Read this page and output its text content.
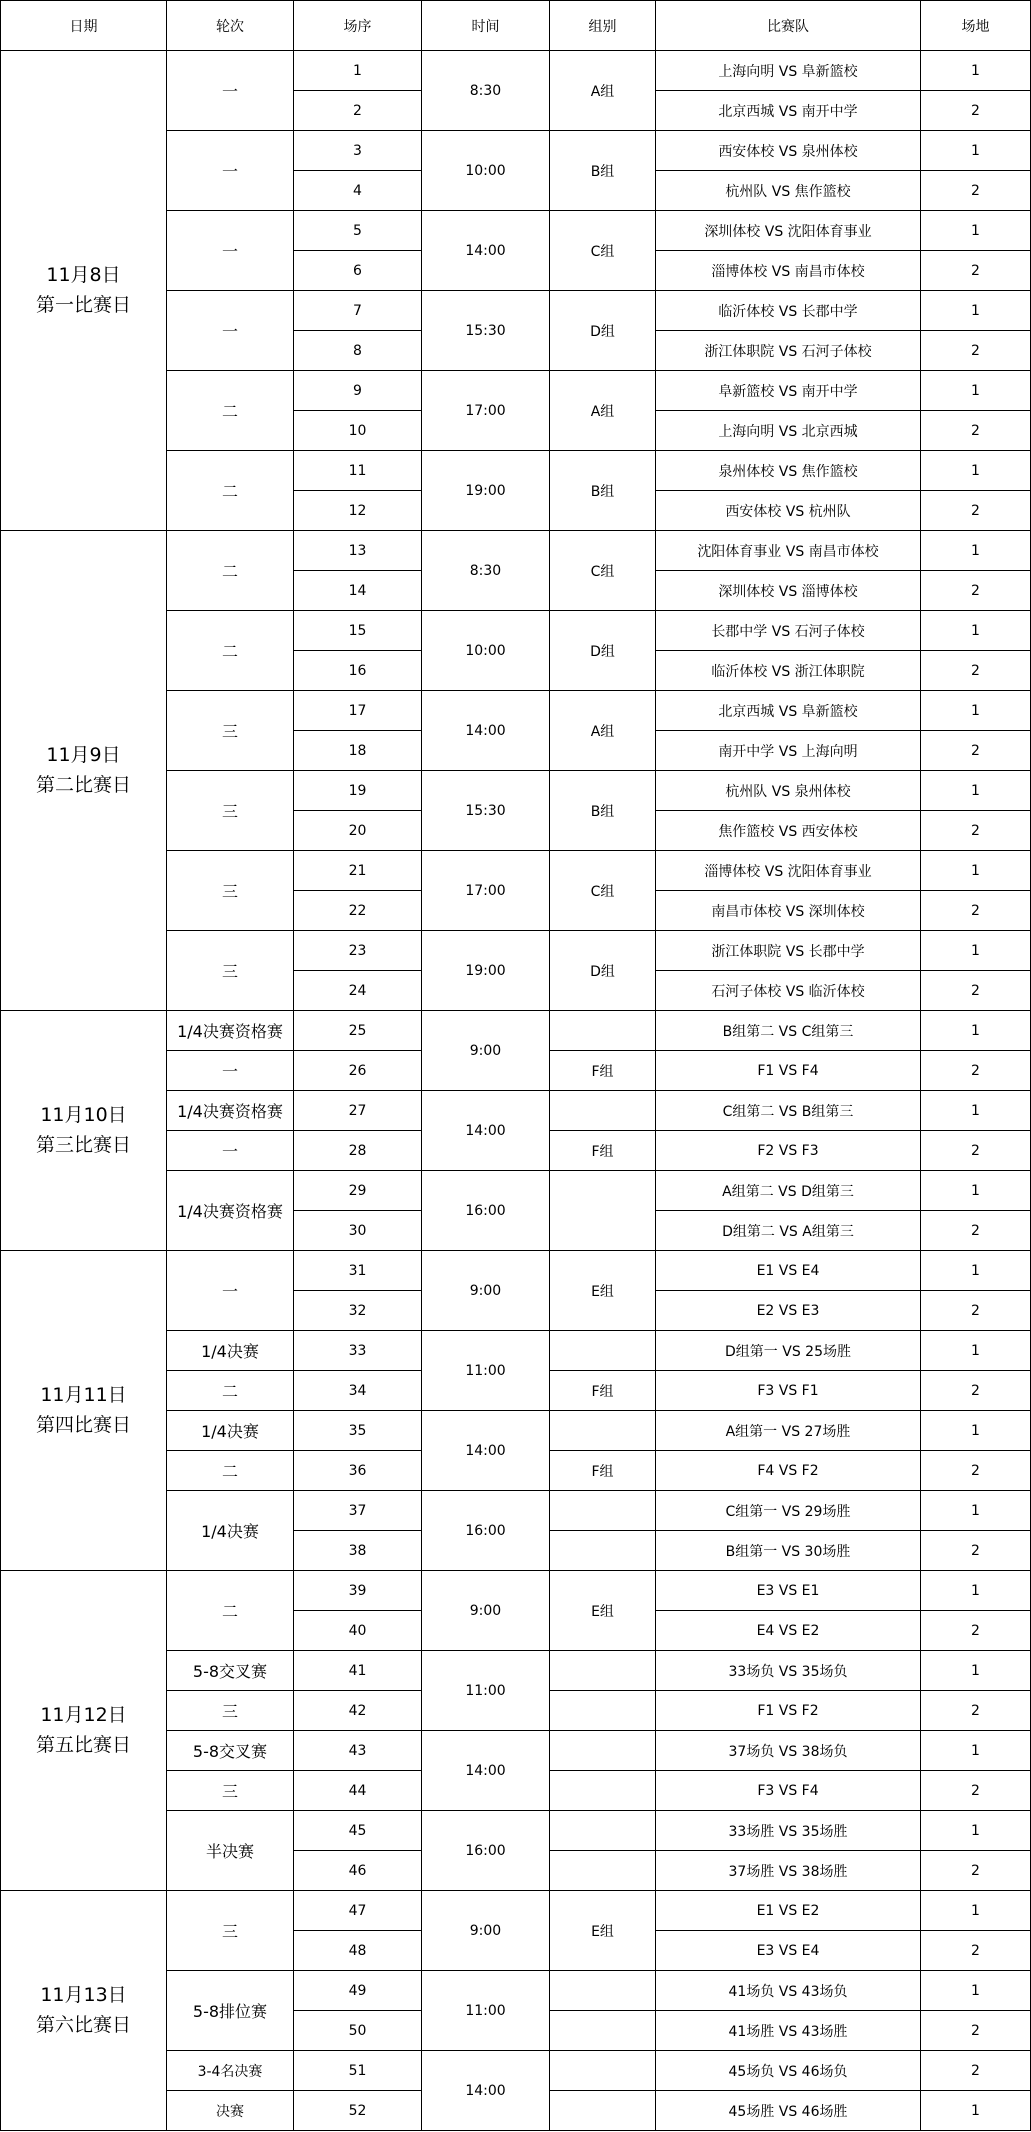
日期	轮次	场序	时间	组别	比赛队	场地
11月8日
第一比赛日	一	1	8:30	A组	上海向明 VS 阜新篮校	1
		2			北京西城 VS 南开中学	2
	一	3	10:00	B组	西安体校 VS 泉州体校	1
		4			杭州队 VS 焦作篮校	2
	一	5	14:00	C组	深圳体校 VS 沈阳体育事业	1
		6			淄博体校 VS 南昌市体校	2
	一	7	15:30	D组	临沂体校 VS 长郡中学	1
		8			浙江体职院 VS 石河子体校	2
	二	9	17:00	A组	阜新篮校 VS 南开中学	1
		10			上海向明 VS 北京西城	2
	二	11	19:00	B组	泉州体校 VS 焦作篮校	1
		12			西安体校 VS 杭州队	2
11月9日
第二比赛日	二	13	8:30	C组	沈阳体育事业 VS 南昌市体校	1
		14			深圳体校 VS 淄博体校	2
	二	15	10:00	D组	长郡中学 VS 石河子体校	1
		16			临沂体校 VS 浙江体职院	2
	三	17	14:00	A组	北京西城 VS 阜新篮校	1
		18			南开中学 VS 上海向明	2
	三	19	15:30	B组	杭州队 VS 泉州体校	1
		20			焦作篮校 VS 西安体校	2
	三	21	17:00	C组	淄博体校 VS 沈阳体育事业	1
		22			南昌市体校 VS 深圳体校	2
	三	23	19:00	D组	浙江体职院 VS 长郡中学	1
		24			石河子体校 VS 临沂体校	2
11月10日
第三比赛日	1/4决赛资格赛	25	9:00		B组第二 VS C组第三	1
	一	26		F组	F1 VS F4	2
	1/4决赛资格赛	27	14:00		C组第二 VS B组第三	1
	一	28		F组	F2 VS F3	2
	1/4决赛资格赛	29	16:00		A组第二 VS D组第三	1
		30			D组第二 VS A组第三	2
11月11日
第四比赛日	一	31	9:00	E组	E1 VS E4	1
		32			E2 VS E3	2
	1/4决赛	33	11:00		D组第一 VS 25场胜	1
	二	34		F组	F3 VS F1	2
	1/4决赛	35	14:00		A组第一 VS 27场胜	1
	二	36		F组	F4 VS F2	2
	1/4决赛	37	16:00		C组第一 VS 29场胜	1
		38			B组第一 VS 30场胜	2
11月12日
第五比赛日	二	39	9:00	E组	E3 VS E1	1
		40			E4 VS E2	2
	5-8交叉赛	41	11:00		33场负 VS 35场负	1
	三	42			F1 VS F2	2
	5-8交叉赛	43	14:00		37场负 VS 38场负	1
	三	44			F3 VS F4	2
	半决赛	45	16:00		33场胜 VS 35场胜	1
		46			37场胜 VS 38场胜	2
11月13日
第六比赛日	三	47	9:00	E组	E1 VS E2	1
		48			E3 VS E4	2
	5-8排位赛	49	11:00		41场负 VS 43场负	1
		50			41场胜 VS 43场胜	2
	3-4名决赛	51	14:00		45场负 VS 46场负	2
	决赛	52			45场胜 VS 46场胜	1
